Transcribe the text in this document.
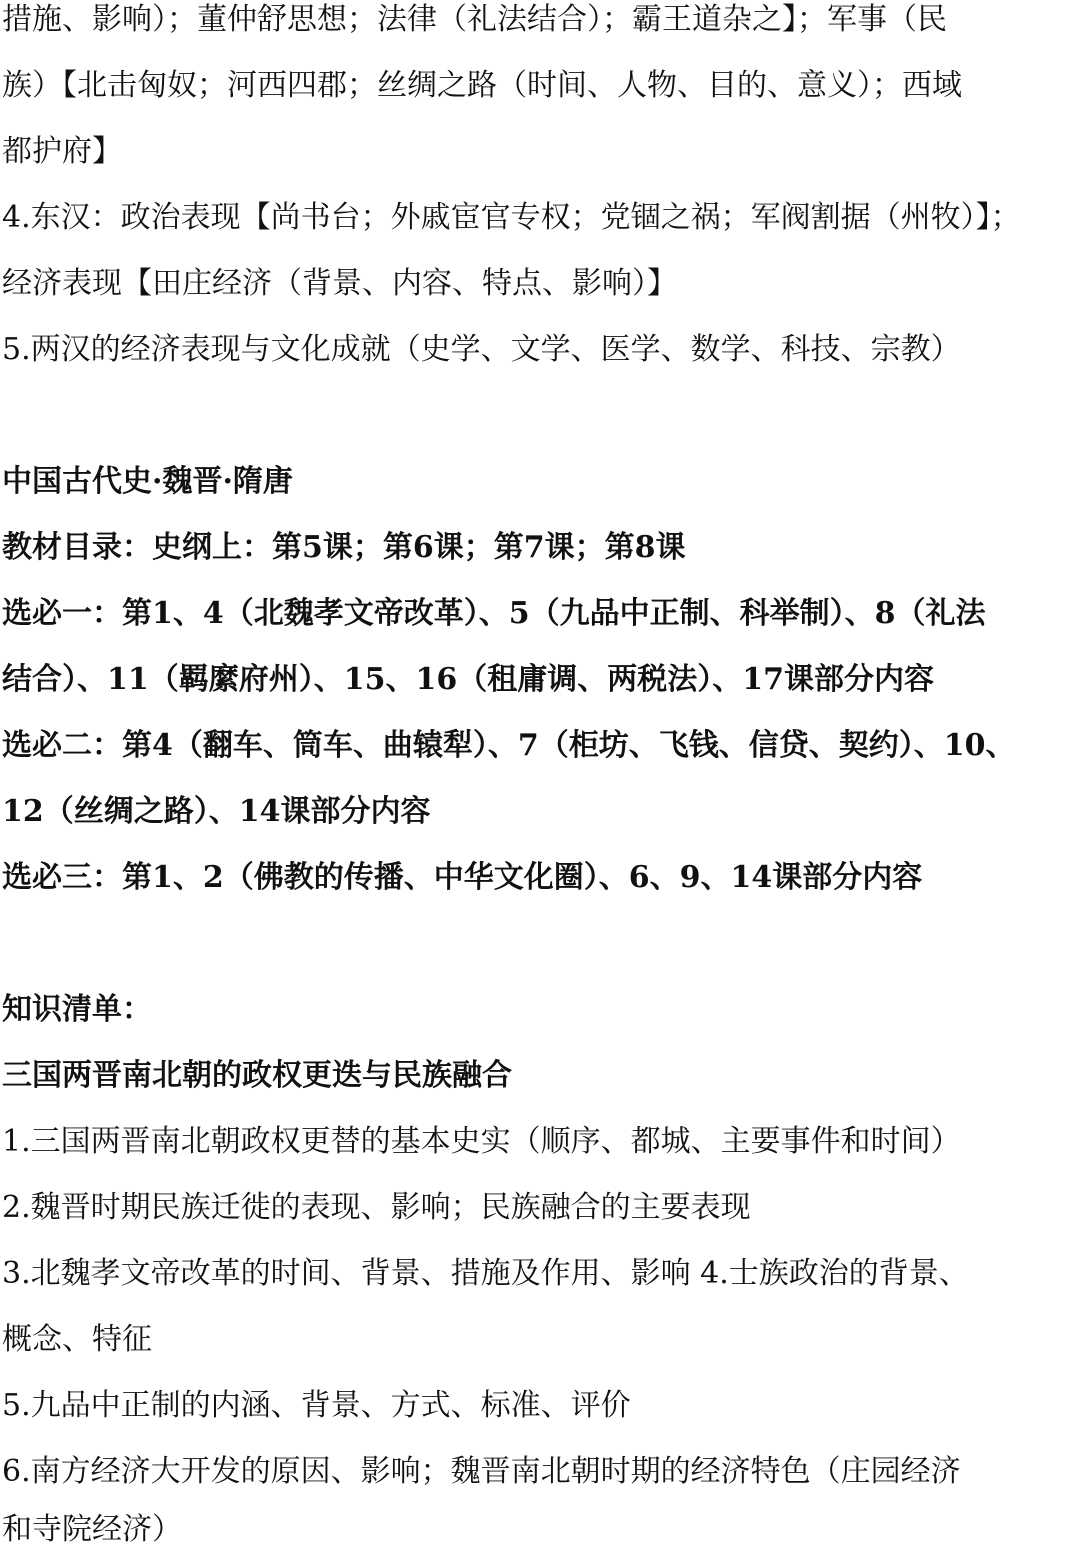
措施、影响）；董仲舒思想；法律（礼法结合）；霸王道杂之】；军事（民
族）【北击匈奴；河西四郡；丝绸之路（时间、人物、目的、意义）；西域
都护府】
4.东汉：政治表现【尚书台；外戚宦官专权；党锢之祸；军阀割据（州牧）】；
经济表现【田庄经济（背景、内容、特点、影响）】
5.两汉的经济表现与文化成就（史学、文学、医学、数学、科技、宗教）
中国古代史·魏晋·隋唐
教材目录：史纲上：第5课；第6课；第7课；第8课
选必一：第1、4（北魏孝文帝改革）、5（九品中正制、科举制）、8（礼法
结合）、11（羁縻府州）、15、16（租庸调、两税法）、17课部分内容
选必二：第4（翻车、筒车、曲辕犁）、7（柜坊、飞钱、信贷、契约）、10、
12（丝绸之路）、14课部分内容
选必三：第1、2（佛教的传播、中华文化圈）、6、9、14课部分内容
知识清单：
三国两晋南北朝的政权更迭与民族融合
1.三国两晋南北朝政权更替的基本史实（顺序、都城、主要事件和时间）
2.魏晋时期民族迁徙的表现、影响；民族融合的主要表现
3.北魏孝文帝改革的时间、背景、措施及作用、影响 4.士族政治的背景、
概念、特征
5.九品中正制的内涵、背景、方式、标准、评价
6.南方经济大开发的原因、影响；魏晋南北朝时期的经济特色（庄园经济
和寺院经济）
